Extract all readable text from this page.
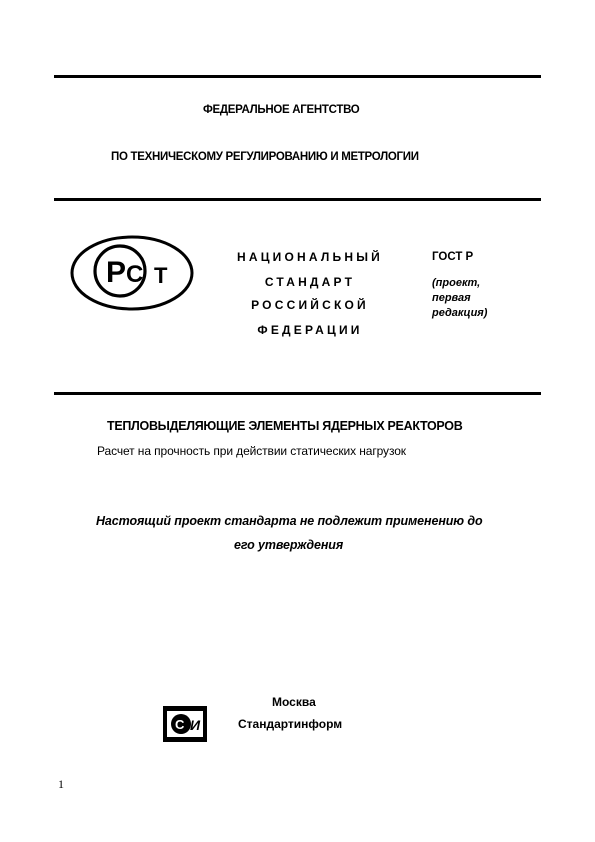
ФЕДЕРАЛЬНОЕ АГЕНТСТВО
ПО ТЕХНИЧЕСКОМУ РЕГУЛИРОВАНИЮ И МЕТРОЛОГИИ
Р С Т
НАЦИОНАЛЬНЫЙ
СТАНДАРТ
РОССИЙСКОЙ
ФЕДЕРАЦИИ
ГОСТ Р
(проект,
первая
редакция)
ТЕПЛОВЫДЕЛЯЮЩИЕ ЭЛЕМЕНТЫ ЯДЕРНЫХ РЕАКТОРОВ
Расчет на прочность при действии статических нагрузок
Настоящий проект стандарта не подлежит применению до
его утверждения
Москва
С И	Стандартинформ
1
